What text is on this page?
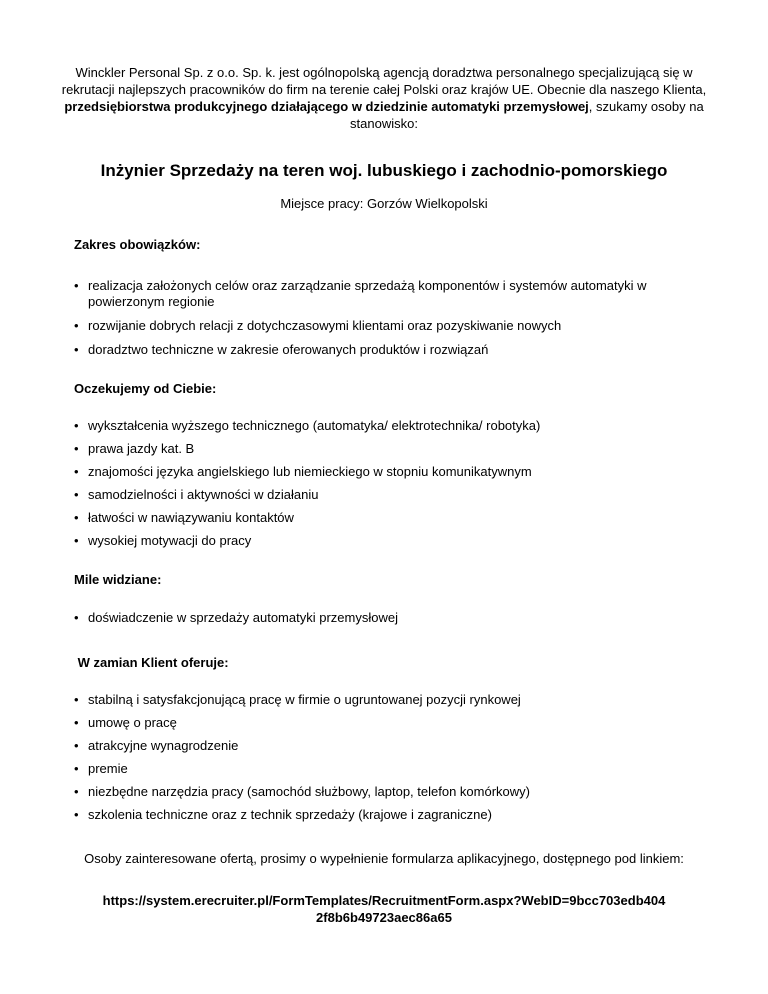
Winckler Personal Sp. z o.o. Sp. k. jest ogólnopolską agencją doradztwa personalnego specjalizującą się w rekrutacji najlepszych pracowników do firm na terenie całej Polski oraz krajów UE. Obecnie dla naszego Klienta, przedsiębiorstwa produkcyjnego działającego w dziedzinie automatyki przemysłowej, szukamy osoby na stanowisko:

Inżynier Sprzedaży na teren woj. lubuskiego i zachodnio-pomorskiego

Miejsce pracy: Gorzów Wielkopolski

Zakres obowiązków:
• realizacja założonych celów oraz zarządzanie sprzedażą komponentów i systemów automatyki w powierzonym regionie
• rozwijanie dobrych relacji z dotychczasowymi klientami oraz pozyskiwanie nowych
• doradztwo techniczne w zakresie oferowanych produktów i rozwiązań
Oczekujemy od Ciebie:
• wykształcenia wyższego technicznego (automatyka/ elektrotechnika/ robotyka)
• prawa jazdy kat. B
• znajomości języka angielskiego lub niemieckiego w stopniu komunikatywnym
• samodzielności i aktywności w działaniu
• łatwości w nawiązywaniu kontaktów
• wysokiej motywacji do pracy
Mile widziane:
• doświadczenie w sprzedaży automatyki przemysłowej
W zamian Klient oferuje:
• stabilną i satysfakcjonującą pracę w firmie o ugruntowanej pozycji rynkowej
• umowę o pracę
• atrakcyjne wynagrodzenie
• premie
• niezbędne narzędzia pracy (samochód służbowy, laptop, telefon komórkowy)
• szkolenia techniczne oraz z technik sprzedaży (krajowe i zagraniczne)

Osoby zainteresowane ofertą, prosimy o wypełnienie formularza aplikacyjnego, dostępnego pod linkiem:

https://system.erecruiter.pl/FormTemplates/RecruitmentForm.aspx?WebID=9bcc703edb404
2f8b6b49723aec86a65
